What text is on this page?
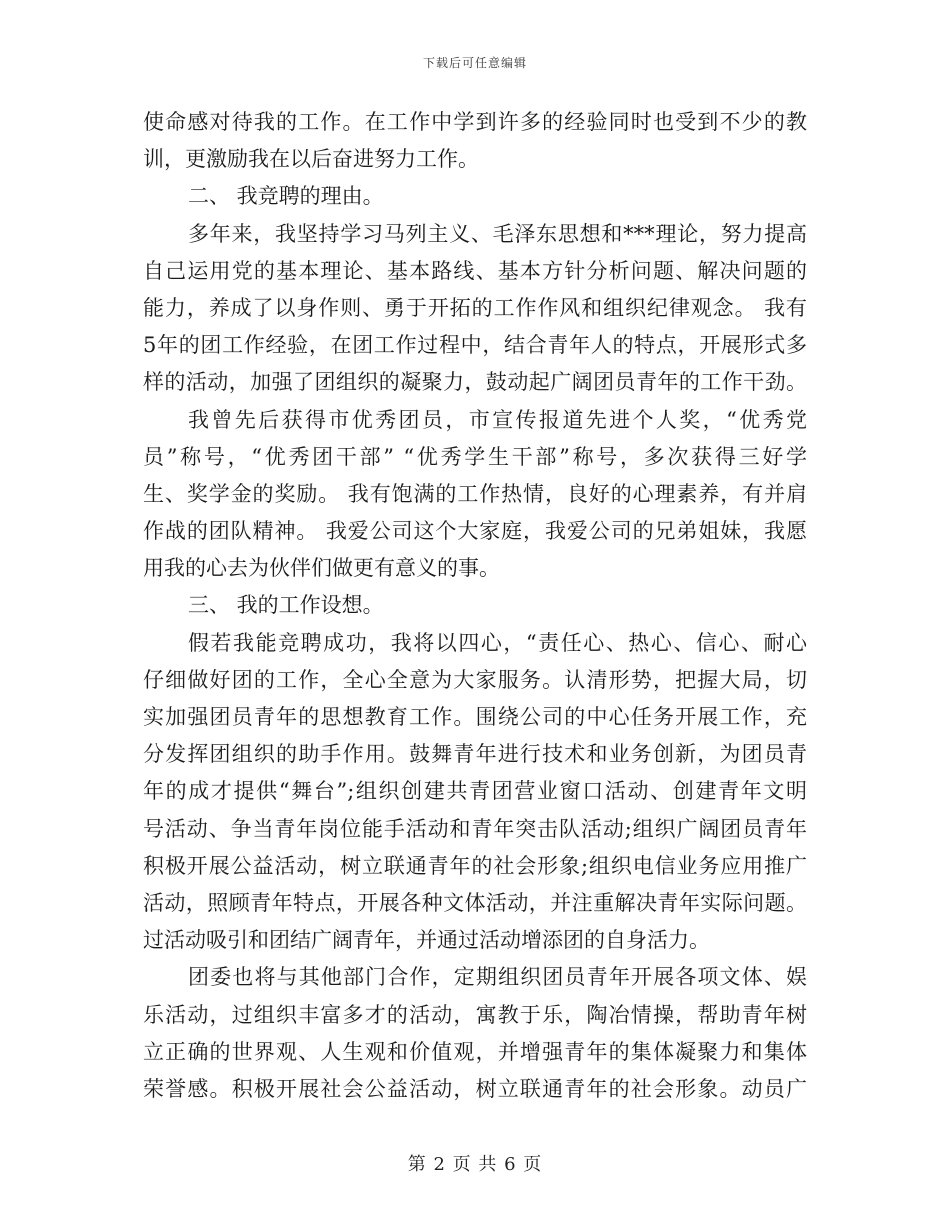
下载后可任意编辑
使命感对待我的工作。在工作中学到许多的经验同时也受到不少的教
训，更激励我在以后奋进努力工作。
二、 我竞聘的理由。
多年来，我坚持学习马列主义、毛泽东思想和***理论，努力提高
自己运用党的基本理论、基本路线、基本方针分析问题、解决问题的
能力，养成了以身作则、勇于开拓的工作作风和组织纪律观念。 我有
5年的团工作经验，在团工作过程中，结合青年人的特点，开展形式多
样的活动，加强了团组织的凝聚力，鼓动起广阔团员青年的工作干劲。
我曾先后获得市优秀团员，市宣传报道先进个人奖，“优秀党
员”称号，“优秀团干部” “优秀学生干部”称号，多次获得三好学
生、奖学金的奖励。 我有饱满的工作热情，良好的心理素养，有并肩
作战的团队精神。 我爱公司这个大家庭，我爱公司的兄弟姐妹，我愿
用我的心去为伙伴们做更有意义的事。
三、 我的工作设想。
假若我能竞聘成功，我将以四心，“责任心、热心、信心、耐心
仔细做好团的工作，全心全意为大家服务。认清形势，把握大局，切
实加强团员青年的思想教育工作。围绕公司的中心任务开展工作，充
分发挥团组织的助手作用。鼓舞青年进行技术和业务创新，为团员青
年的成才提供“舞台”;组织创建共青团营业窗口活动、创建青年文明
号活动、争当青年岗位能手活动和青年突击队活动;组织广阔团员青年
积极开展公益活动，树立联通青年的社会形象;组织电信业务应用推广
活动，照顾青年特点，开展各种文体活动，并注重解决青年实际问题。
过活动吸引和团结广阔青年，并通过活动增添团的自身活力。
团委也将与其他部门合作，定期组织团员青年开展各项文体、娱
乐活动，过组织丰富多才的活动，寓教于乐，陶冶情操，帮助青年树
立正确的世界观、人生观和价值观，并增强青年的集体凝聚力和集体
荣誉感。积极开展社会公益活动，树立联通青年的社会形象。动员广
第 2 页 共 6 页
